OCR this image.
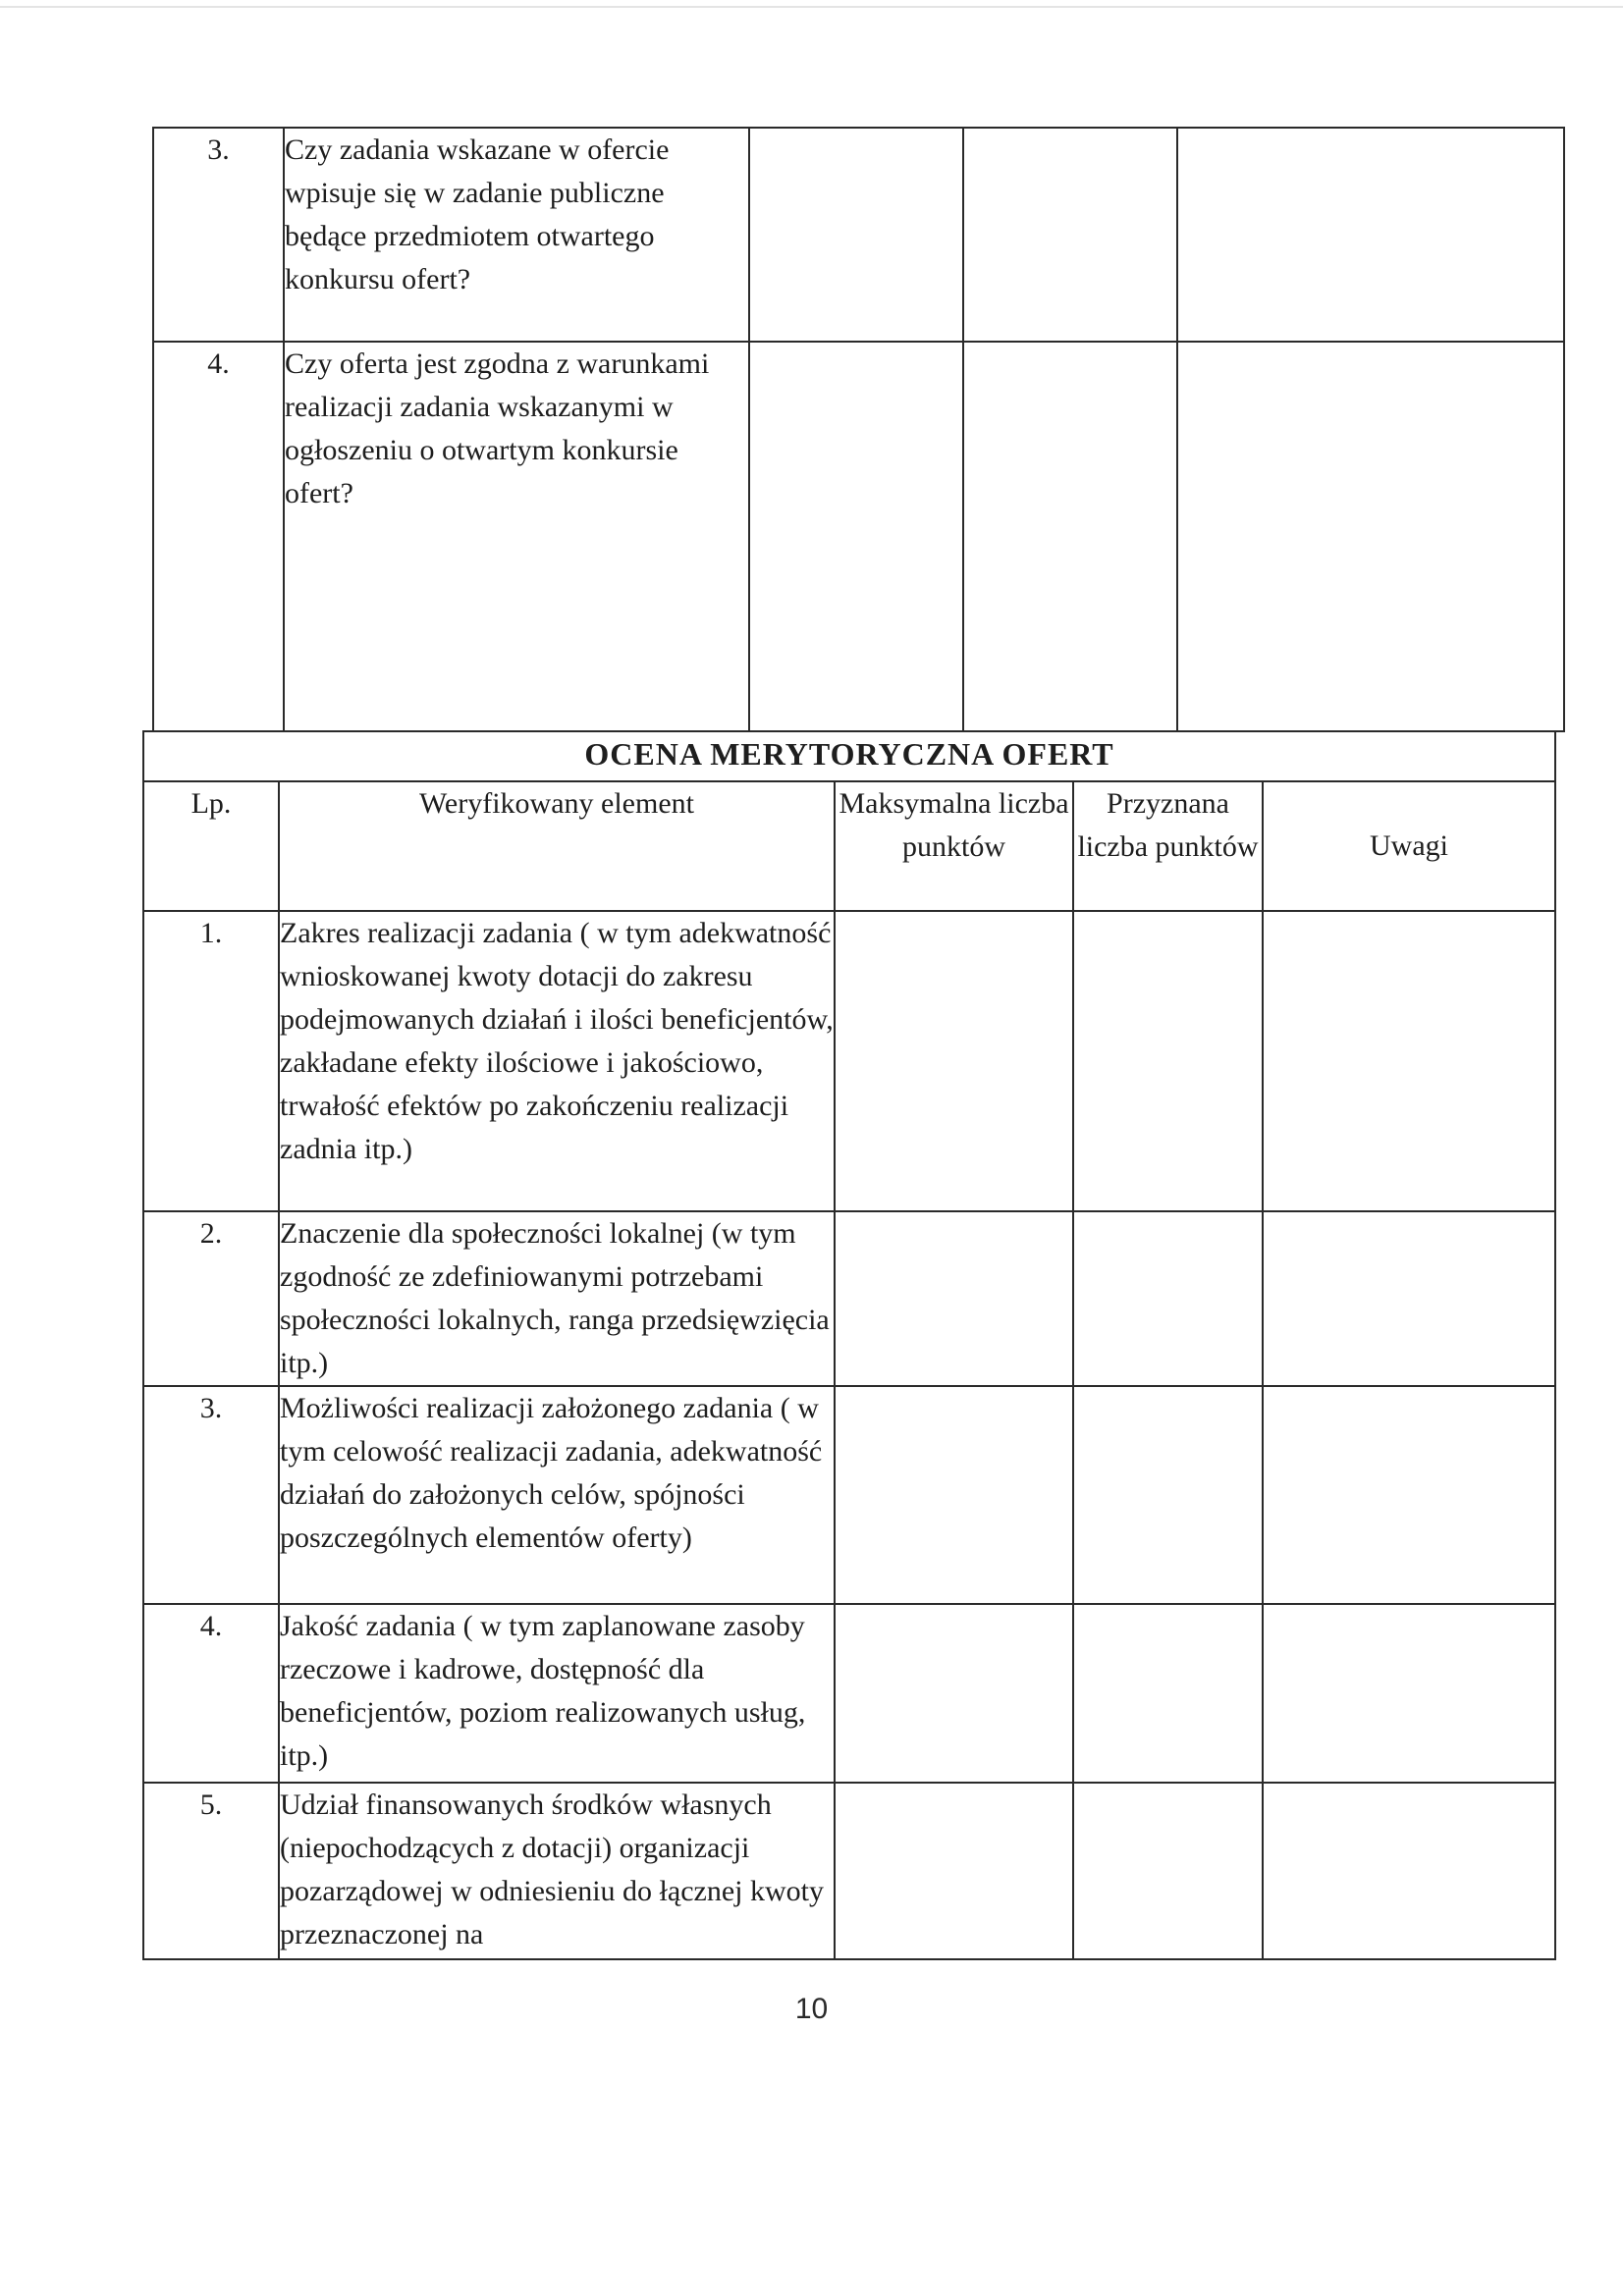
3.	Czy zadania wskazane w ofercie wpisuje się w zadanie publiczne będące przedmiotem otwartego konkursu ofert?			
4.	Czy oferta jest zgodna z warunkami realizacji zadania wskazanymi w ogłoszeniu o otwartym konkursie ofert?			
OCENA MERYTORYCZNA OFERT				
Lp.	Weryfikowany element	Maksymalna liczba punktów	Przyznana liczba punktów	Uwagi
1.	Zakres realizacji zadania ( w tym adekwatność wnioskowanej kwoty dotacji do zakresu podejmowanych działań i ilości beneficjentów, zakładane efekty ilościowe i jakościowo, trwałość efektów po zakończeniu realizacji zadnia itp.)			
2.	Znaczenie dla społeczności lokalnej (w tym zgodność ze zdefiniowanymi potrzebami społeczności lokalnych, ranga przedsięwzięcia itp.)			
3.	Możliwości realizacji założonego zadania ( w tym celowość realizacji zadania, adekwatność działań do założonych celów, spójności poszczególnych elementów oferty)			
4.	Jakość zadania ( w tym zaplanowane zasoby rzeczowe i kadrowe, dostępność dla beneficjentów, poziom realizowanych usług, itp.)			
5.	Udział finansowanych środków własnych (niepochodzących z dotacji) organizacji pozarządowej w odniesieniu do łącznej kwoty przeznaczonej na			
10
